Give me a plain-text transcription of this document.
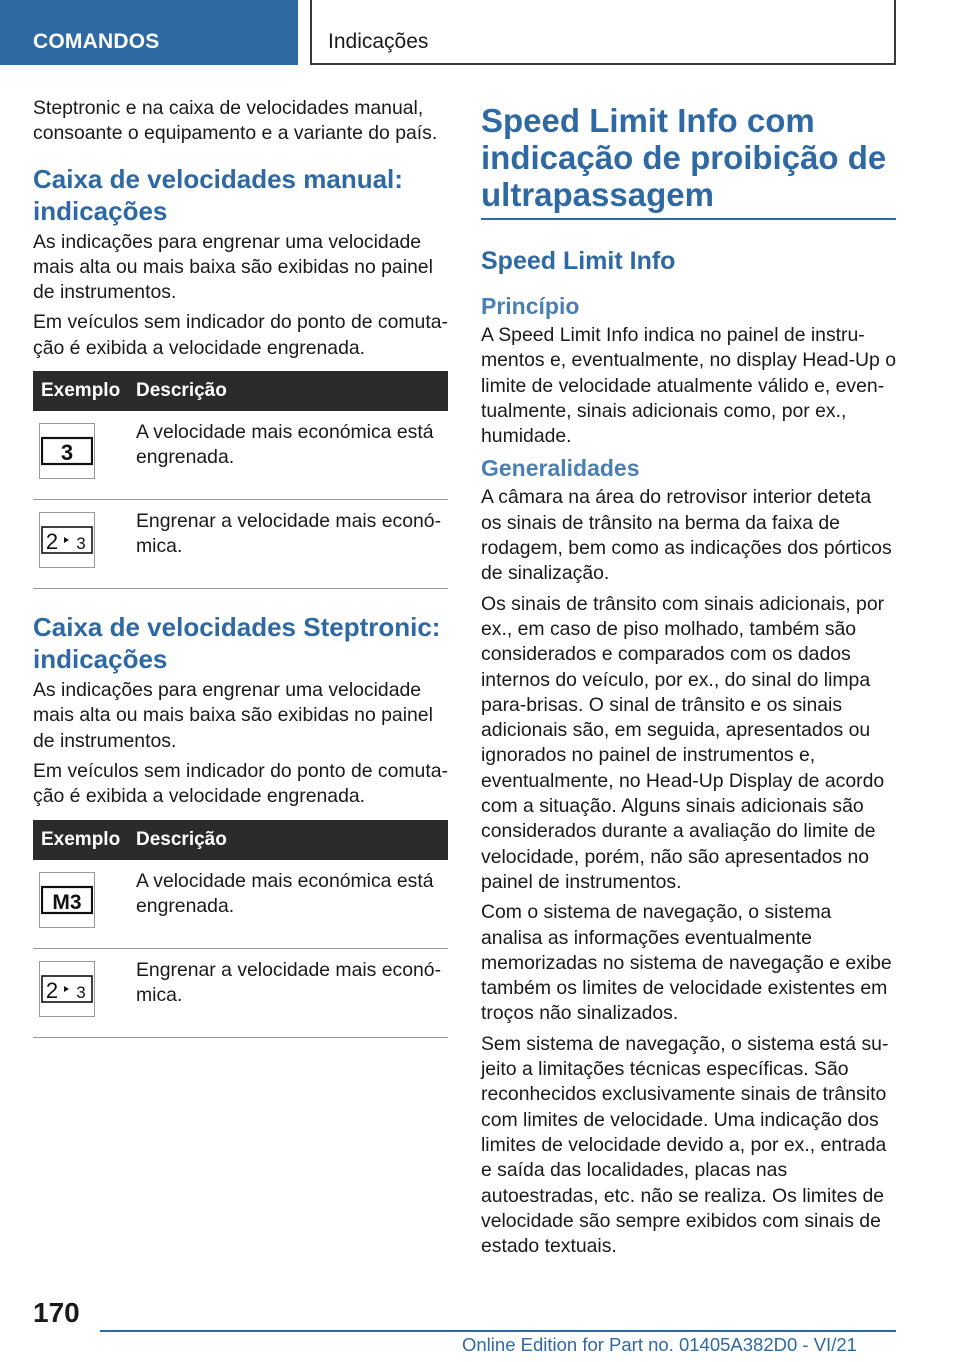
COMANDOS	Indicações

Steptronic e na caixa de velocidades manual, consoante o equipamento e a variante do país.

Caixa de velocidades manual: indicações

As indicações para engrenar uma velocidade mais alta ou mais baixa são exibidas no painel de instrumentos.

Em veículos sem indicador do ponto de comutação é exibida a velocidade engrenada.

Exemplo	Descrição

3	A velocidade mais económica está engrenada.

2 3	Engrenar a velocidade mais económica.
Caixa de velocidades Steptronic: indicações

As indicações para engrenar uma velocidade mais alta ou mais baixa são exibidas no painel de instrumentos.

Em veículos sem indicador do ponto de comutação é exibida a velocidade engrenada.

Exemplo	Descrição

M3	A velocidade mais económica está engrenada.

2 3	Engrenar a velocidade mais económica.
Speed Limit Info com indicação de proibição de ultrapassagem
Speed Limit Info
Princípio

A Speed Limit Info indica no painel de instrumentos e, eventualmente, no display Head-Up o limite de velocidade atualmente válido e, eventualmente, sinais adicionais como, por ex., humidade.

Generalidades

A câmara na área do retrovisor interior deteta os sinais de trânsito na berma da faixa de rodagem, bem como as indicações dos pórticos de sinalização.

Os sinais de trânsito com sinais adicionais, por ex., em caso de piso molhado, também são considerados e comparados com os dados internos do veículo, por ex., do sinal do limpa para-brisas. O sinal de trânsito e os sinais adicionais são, em seguida, apresentados ou ignorados no painel de instrumentos e, eventualmente, no Head-Up Display de acordo com a situação. Alguns sinais adicionais são considerados durante a avaliação do limite de velocidade, porém, não são apresentados no painel de instrumentos.

Com o sistema de navegação, o sistema analisa as informações eventualmente memorizadas no sistema de navegação e exibe também os limites de velocidade existentes em troços não sinalizados.

Sem sistema de navegação, o sistema está sujeito a limitações técnicas específicas. São reconhecidos exclusivamente sinais de trânsito com limites de velocidade. Uma indicação dos limites de velocidade devido a, por ex., entrada e saída das localidades, placas nas autoestradas, etc. não se realiza. Os limites de velocidade são sempre exibidos com sinais de estado textuais.

170
Online Edition for Part no. 01405A382D0 - VI/21
